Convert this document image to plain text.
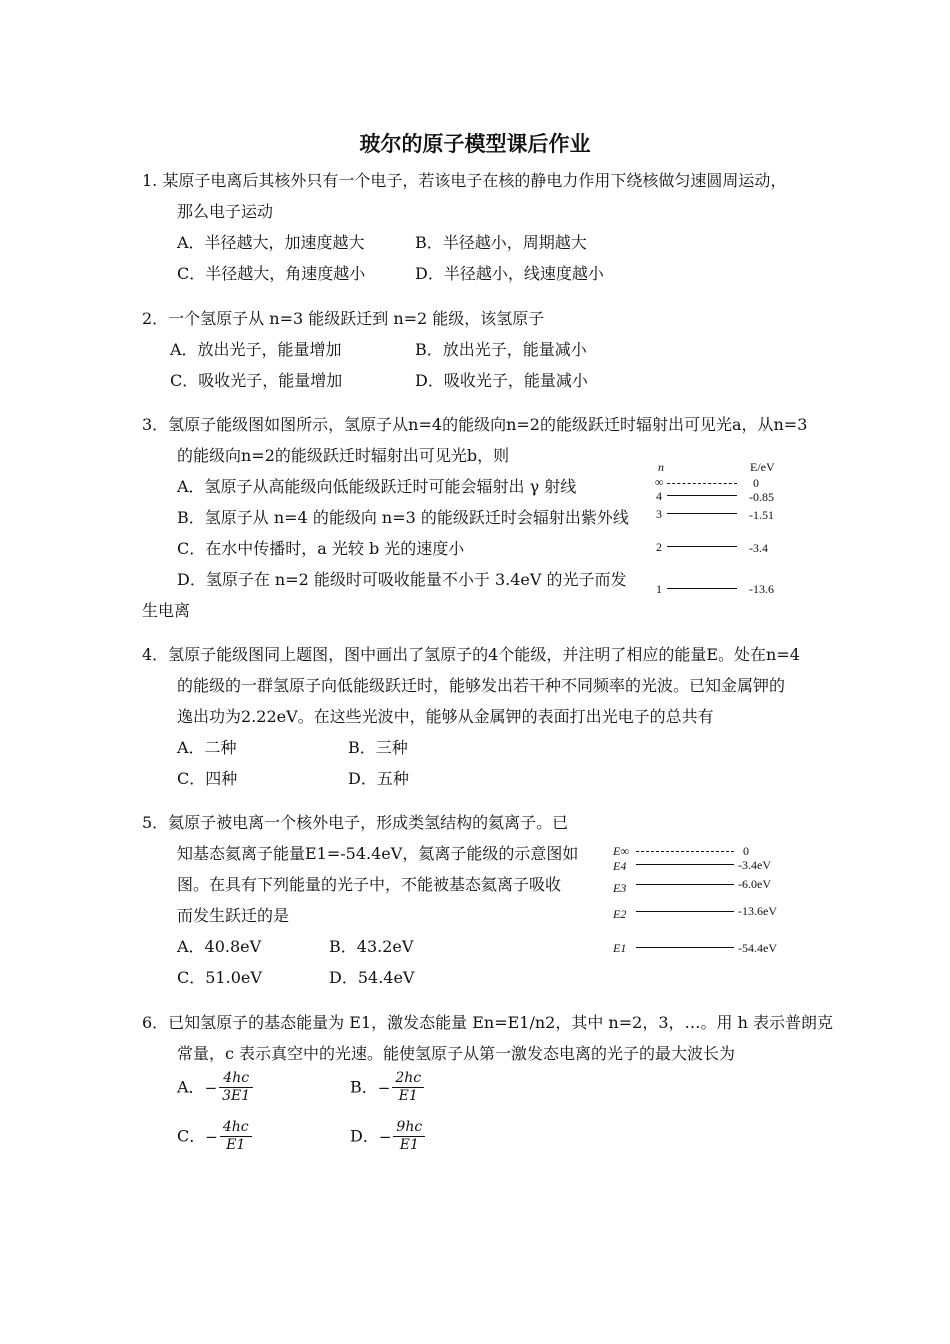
玻尔的原子模型课后作业
1. 某原子电离后其核外只有一个电子，若该电子在核的静电力作用下绕核做匀速圆周运动，
那么电子运动
A．半径越大，加速度越大	B．半径越小，周期越大
C．半径越大，角速度越小	D．半径越小，线速度越小
2．一个氢原子从 n=3 能级跃迁到 n=2 能级，该氢原子
A．放出光子，能量增加	B．放出光子，能量减小
C．吸收光子，能量增加	D．吸收光子，能量减小
3．氢原子能级图如图所示，氢原子从n=4的能级向n=2的能级跃迁时辐射出可见光a，从n=3
的能级向n=2的能级跃迁时辐射出可见光b，则
A．氢原子从高能级向低能级跃迁时可能会辐射出 γ 射线
B．氢原子从 n=4 的能级向 n=3 的能级跃迁时会辐射出紫外线
C．在水中传播时，a 光较 b 光的速度小
D．氢原子在 n=2 能级时可吸收能量不小于 3.4eV 的光子而发
生电离
n	E/eV
∞	0
4	-0.85
3	-1.51
2	-3.4
1	-13.6
4．氢原子能级图同上题图，图中画出了氢原子的4个能级，并注明了相应的能量E。处在n=4
的能级的一群氢原子向低能级跃迁时，能够发出若干种不同频率的光波。已知金属钾的
逸出功为2.22eV。在这些光波中，能够从金属钾的表面打出光电子的总共有
A．二种	B．三种
C．四种	D．五种
5．氦原子被电离一个核外电子，形成类氢结构的氦离子。已
知基态氦离子能量E1=-54.4eV，氦离子能级的示意图如
图。在具有下列能量的光子中，不能被基态氦离子吸收
而发生跃迁的是
A．40.8eV	B．43.2eV
C．51.0eV	D．54.4eV
E∞	0
E4	-3.4eV
E3	-6.0eV
E2	-13.6eV
E1	-54.4eV
6．已知氢原子的基态能量为 E1，激发态能量 En=E1/n2，其中 n=2，3，…。用 h 表示普朗克
常量，c 表示真空中的光速。能使氢原子从第一激发态电离的光子的最大波长为
A．− $\frac{4hc}{3E1}$	B．− $\frac{2hc}{E1}$
C．− $\frac{4hc}{E1}$	D．− $\frac{9hc}{E1}$
